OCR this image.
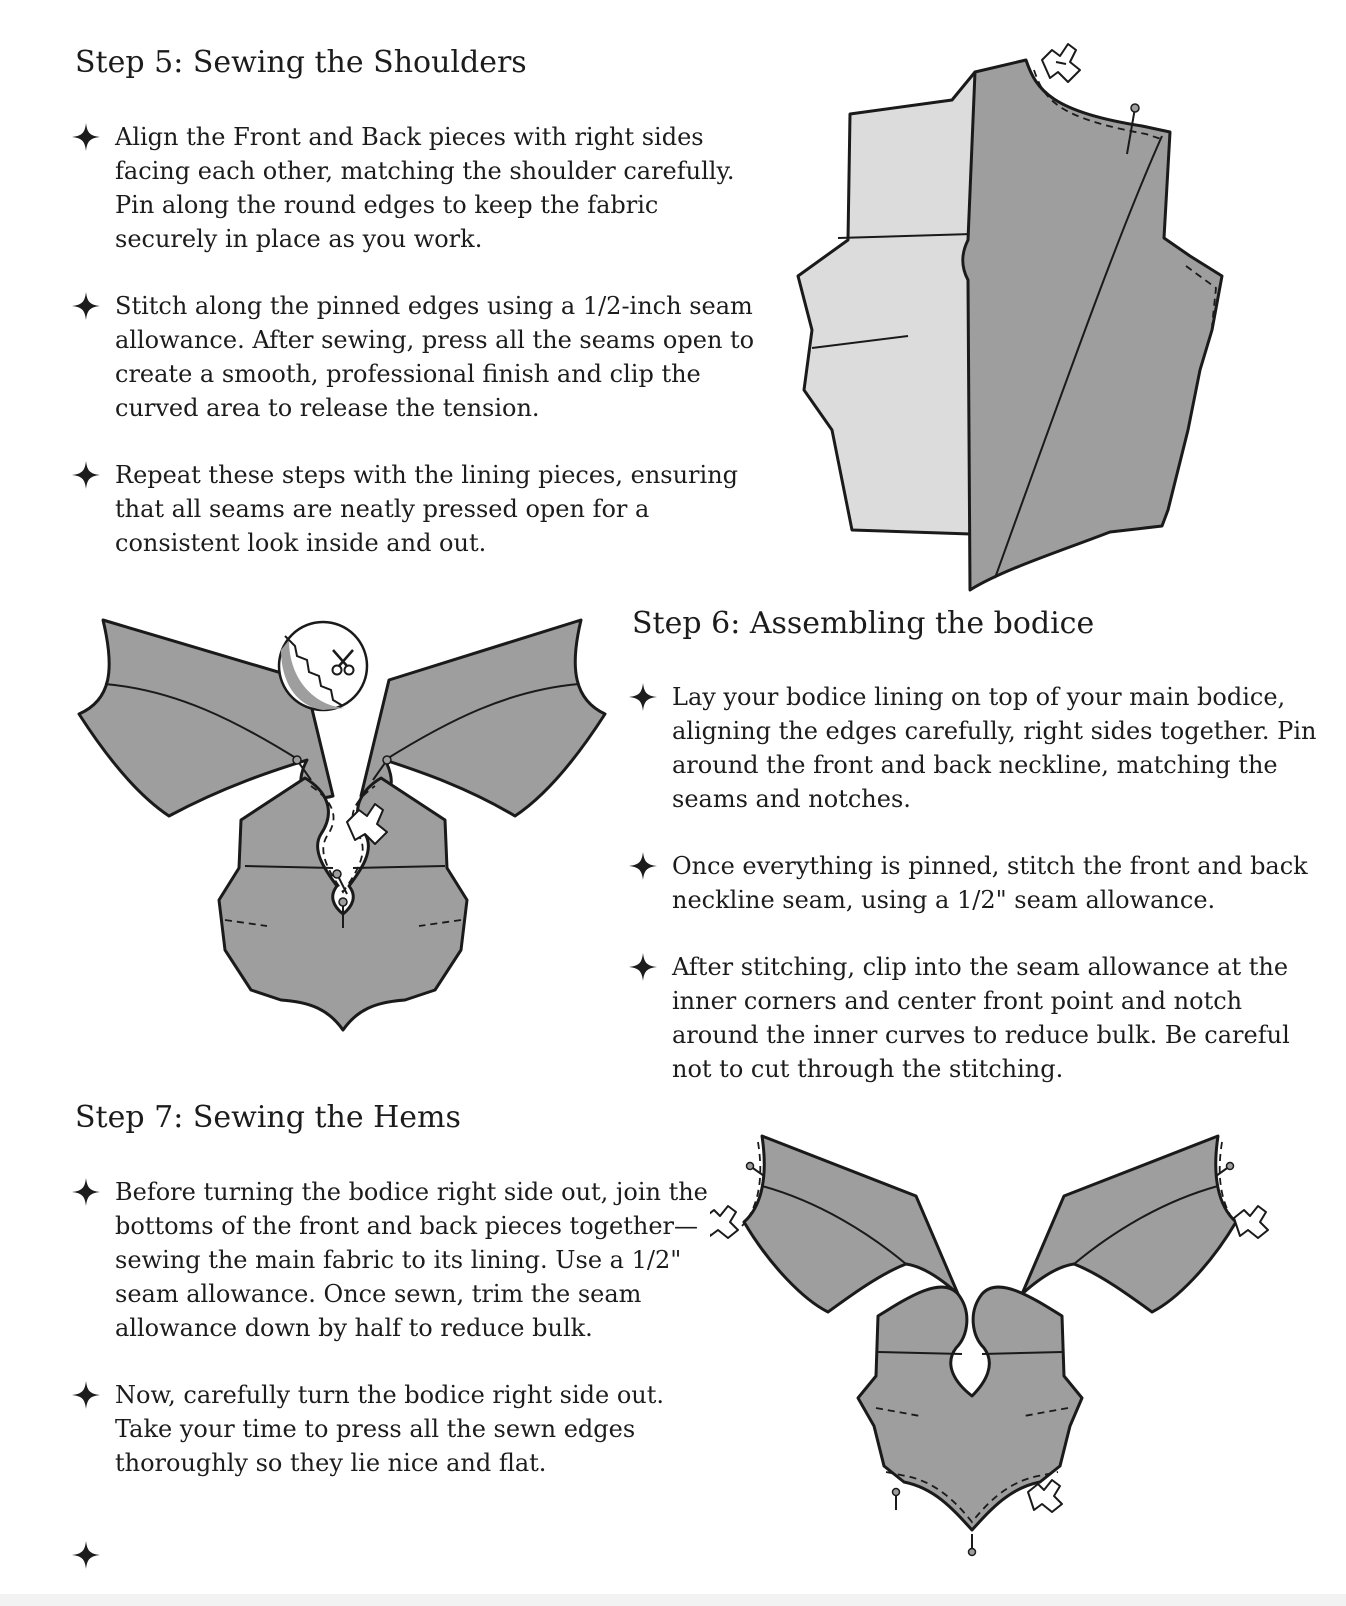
Step 5: Sewing the Shoulders
Align the Front and Back pieces with right sides facing each other, matching the shoulder carefully. Pin along the round edges to keep the fabric securely in place as you work.
Stitch along the pinned edges using a 1/2-inch seam allowance. After sewing, press all the seams open to create a smooth, professional finish and clip the curved area to release the tension.
Repeat these steps with the lining pieces, ensuring that all seams are neatly pressed open for a consistent look inside and out.
Step 6: Assembling the bodice
Lay your bodice lining on top of your main bodice, aligning the edges carefully, right sides together. Pin around the front and back neckline, matching the seams and notches.
Once everything is pinned, stitch the front and back neckline seam, using a 1/2" seam allowance.
After stitching, clip into the seam allowance at the inner corners and center front point and notch around the inner curves to reduce bulk. Be careful not to cut through the stitching.
Step 7: Sewing the Hems
Before turning the bodice right side out, join the bottoms of the front and back pieces together—sewing the main fabric to its lining. Use a 1/2" seam allowance. Once sewn, trim the seam allowance down by half to reduce bulk.
Now, carefully turn the bodice right side out. Take your time to press all the sewn edges thoroughly so they lie nice and flat.
